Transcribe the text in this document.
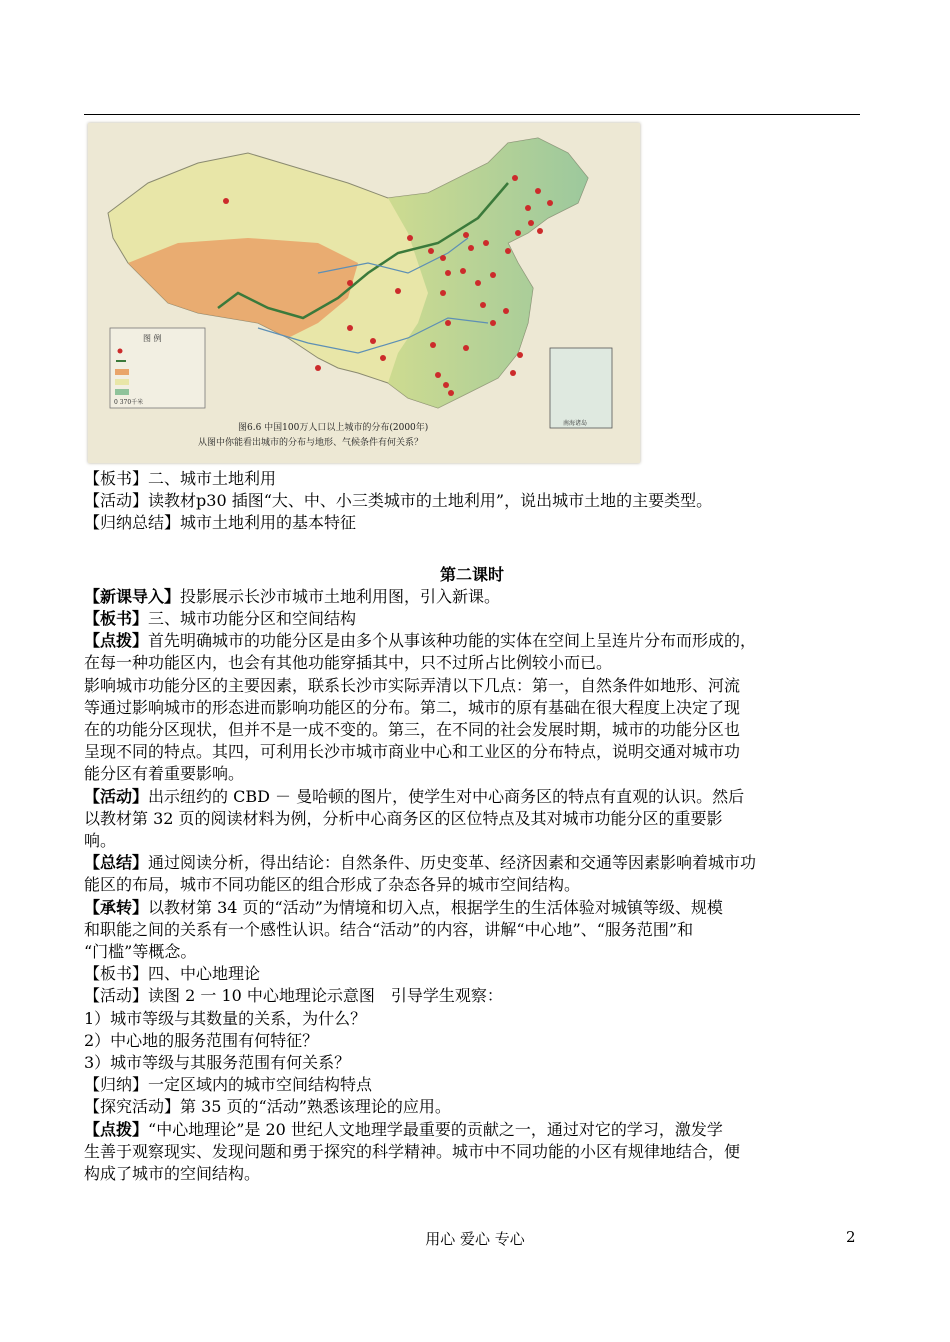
图 例
0 370千米
南海诸岛
图6.6 中国100万人口以上城市的分布(2000年)
从图中你能看出城市的分布与地形、气候条件有何关系？
【板书】二、城市土地利用
【活动】读教材p30 插图“大、中、小三类城市的土地利用”，说出城市土地的主要类型。
【归纳总结】城市土地利用的基本特征
第二课时
【新课导入】投影展示长沙市城市土地利用图，引入新课。
【板书】三、城市功能分区和空间结构
【点拨】首先明确城市的功能分区是由多个从事该种功能的实体在空间上呈连片分布而形成的，
在每一种功能区内，也会有其他功能穿插其中，只不过所占比例较小而已。
影响城市功能分区的主要因素，联系长沙市实际弄清以下几点：第一，自然条件如地形、河流
等通过影响城市的形态进而影响功能区的分布。第二，城市的原有基础在很大程度上决定了现
在的功能分区现状，但并不是一成不变的。第三，在不同的社会发展时期，城市的功能分区也
呈现不同的特点。其四，可利用长沙市城市商业中心和工业区的分布特点，说明交通对城市功
能分区有着重要影响。
【活动】出示纽约的 CBD － 曼哈顿的图片，使学生对中心商务区的特点有直观的认识。然后
以教材第 32 页的阅读材料为例，分析中心商务区的区位特点及其对城市功能分区的重要影
响。
【总结】通过阅读分析，得出结论：自然条件、历史变革、经济因素和交通等因素影响着城市功
能区的布局，城市不同功能区的组合形成了杂态各异的城市空间结构。
【承转】以教材第 34 页的“活动”为情境和切入点，根据学生的生活体验对城镇等级、规模
和职能之间的关系有一个感性认识。结合“活动”的内容，讲解“中心地”、“服务范围”和
“门槛”等概念。
【板书】四、中心地理论
【活动】读图 2 一 10 中心地理论示意图　引导学生观察：
1）城市等级与其数量的关系，为什么？
2）中心地的服务范围有何特征？
3）城市等级与其服务范围有何关系？
【归纳】一定区域内的城市空间结构特点
【探究活动】第 35 页的“活动”熟悉该理论的应用。
【点拨】“中心地理论”是 20 世纪人文地理学最重要的贡献之一，通过对它的学习，激发学
生善于观察现实、发现问题和勇于探究的科学精神。城市中不同功能的小区有规律地结合，便
构成了城市的空间结构。
用心 爱心 专心	2
